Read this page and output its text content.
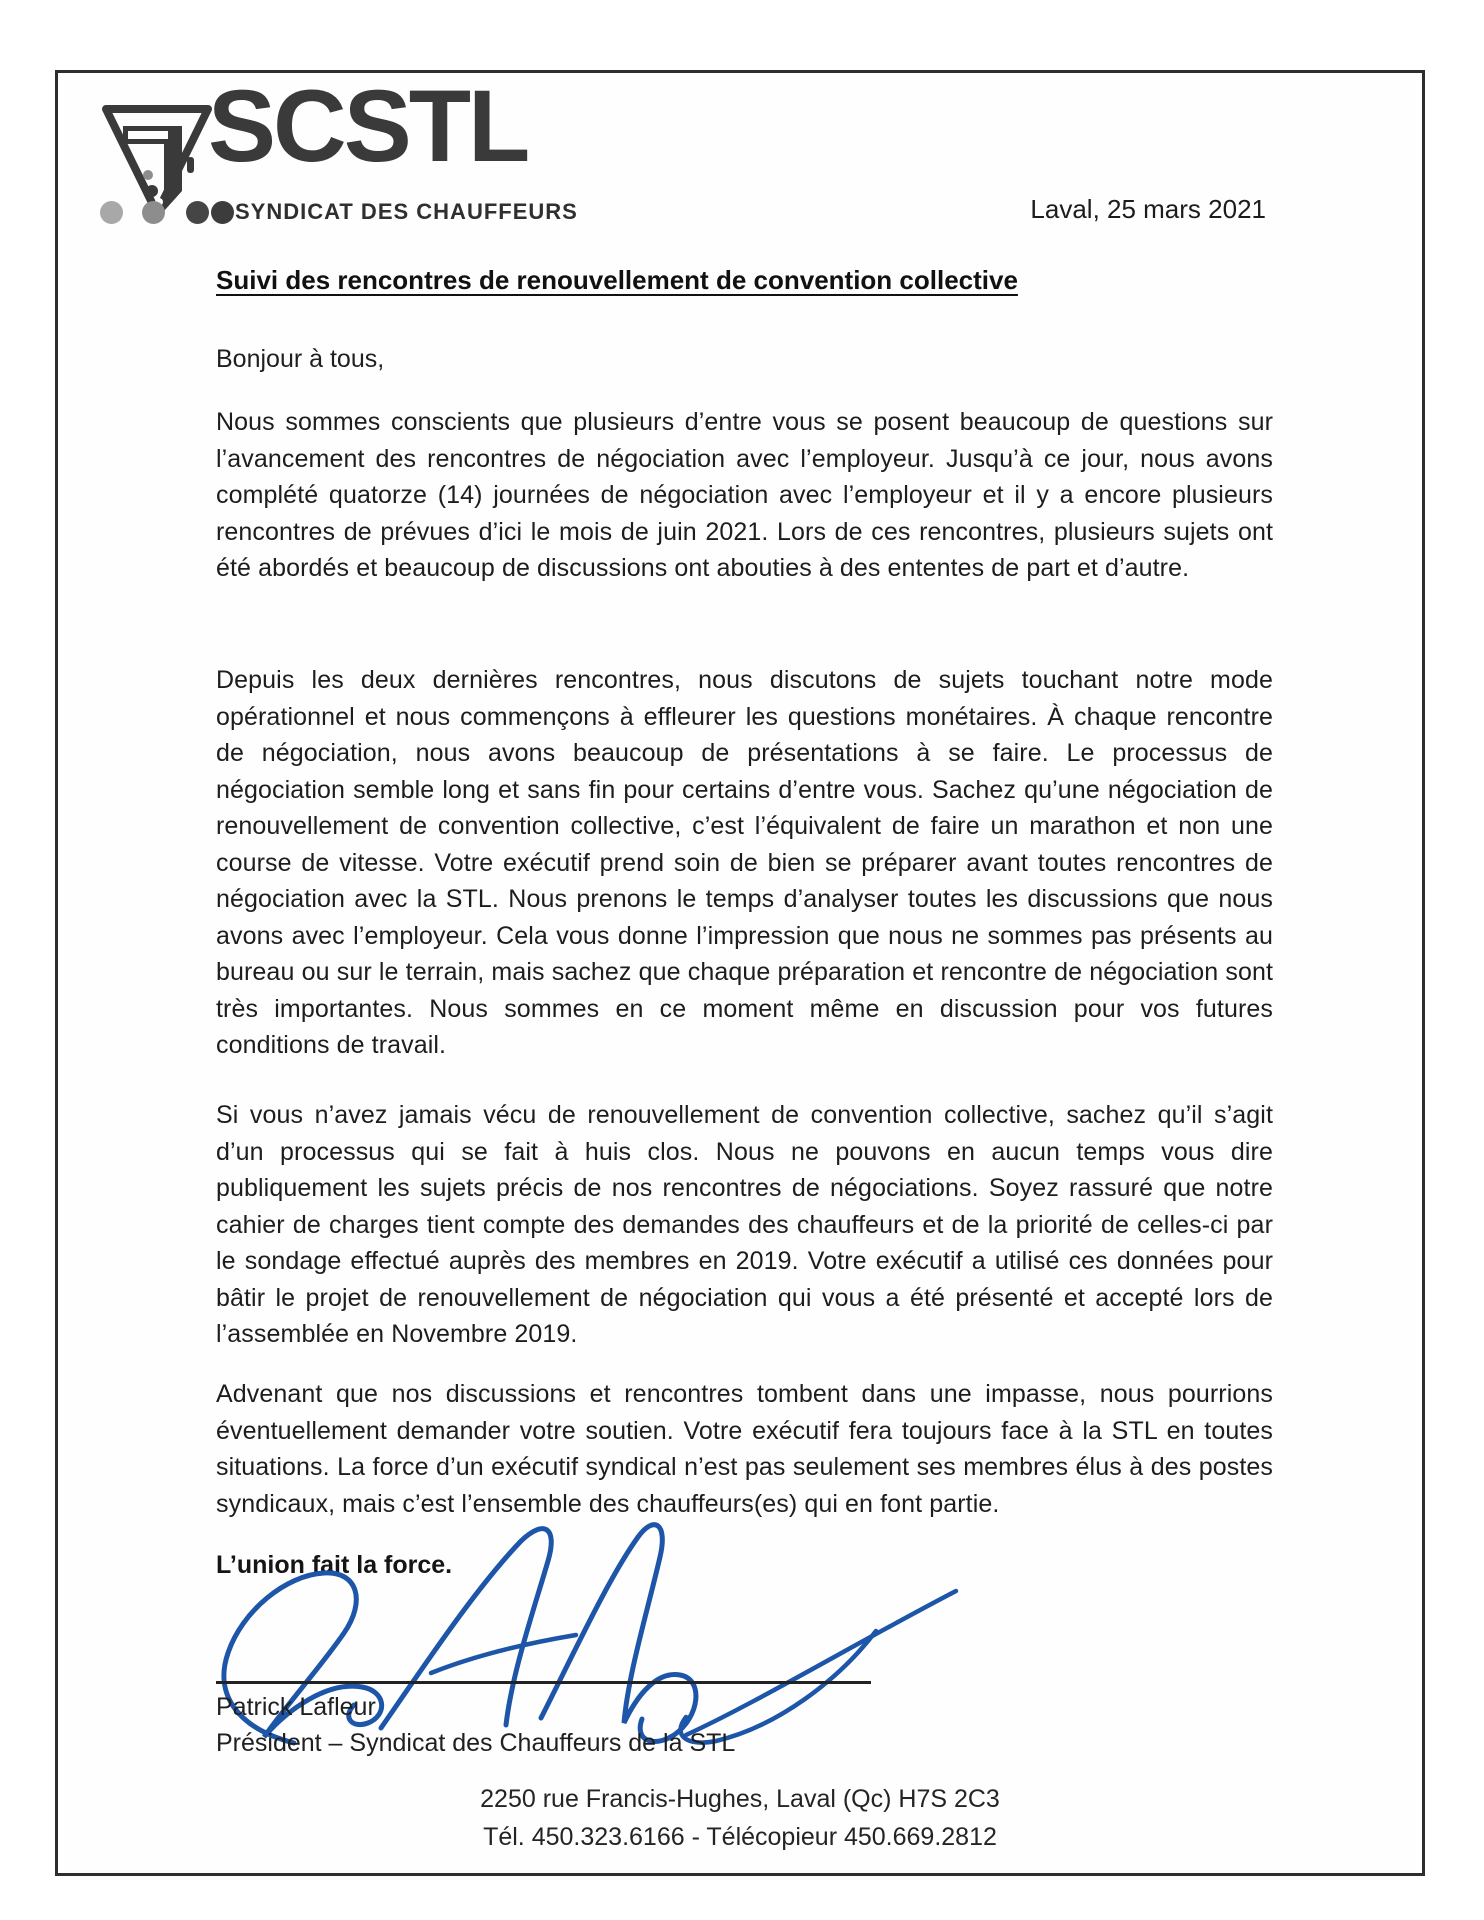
SCSTL
SYNDICAT DES CHAUFFEURS	Laval, 25 mars 2021
Suivi des rencontres de renouvellement de convention collective
Bonjour à tous,

Nous sommes conscients que plusieurs d’entre vous se posent beaucoup de questions sur l’avancement des rencontres de négociation avec l’employeur. Jusqu’à ce jour, nous avons complété quatorze (14) journées de négociation avec l’employeur et il y a encore plusieurs rencontres de prévues d’ici le mois de juin 2021. Lors de ces rencontres, plusieurs sujets ont été abordés et beaucoup de discussions ont abouties à des ententes de part et d’autre.

Depuis les deux dernières rencontres, nous discutons de sujets touchant notre mode opérationnel et nous commençons à effleurer les questions monétaires. À chaque rencontre de négociation, nous avons beaucoup de présentations à se faire. Le processus de négociation semble long et sans fin pour certains d’entre vous. Sachez qu’une négociation de renouvellement de convention collective, c’est l’équivalent de faire un marathon et non une course de vitesse. Votre exécutif prend soin de bien se préparer avant toutes rencontres de négociation avec la STL. Nous prenons le temps d’analyser toutes les discussions que nous avons avec l’employeur. Cela vous donne l’impression que nous ne sommes pas présents au bureau ou sur le terrain, mais sachez que chaque préparation et rencontre de négociation sont très importantes. Nous sommes en ce moment même en discussion pour vos futures conditions de travail.

Si vous n’avez jamais vécu de renouvellement de convention collective, sachez qu’il s’agit d’un processus qui se fait à huis clos. Nous ne pouvons en aucun temps vous dire publiquement les sujets précis de nos rencontres de négociations. Soyez rassuré que notre cahier de charges tient compte des demandes des chauffeurs et de la priorité de celles-ci par le sondage effectué auprès des membres en 2019. Votre exécutif a utilisé ces données pour bâtir le projet de renouvellement de négociation qui vous a été présenté et accepté lors de l’assemblée en Novembre 2019.

Advenant que nos discussions et rencontres tombent dans une impasse, nous pourrions éventuellement demander votre soutien. Votre exécutif fera toujours face à la STL en toutes situations. La force d’un exécutif syndical n’est pas seulement ses membres élus à des postes syndicaux, mais c’est l’ensemble des chauffeurs(es) qui en font partie.

L’union fait la force.
Patrick Lafleur
Président – Syndicat des Chauffeurs de la STL
2250 rue Francis-Hughes, Laval (Qc) H7S 2C3
Tél. 450.323.6166 - Télécopieur 450.669.2812
